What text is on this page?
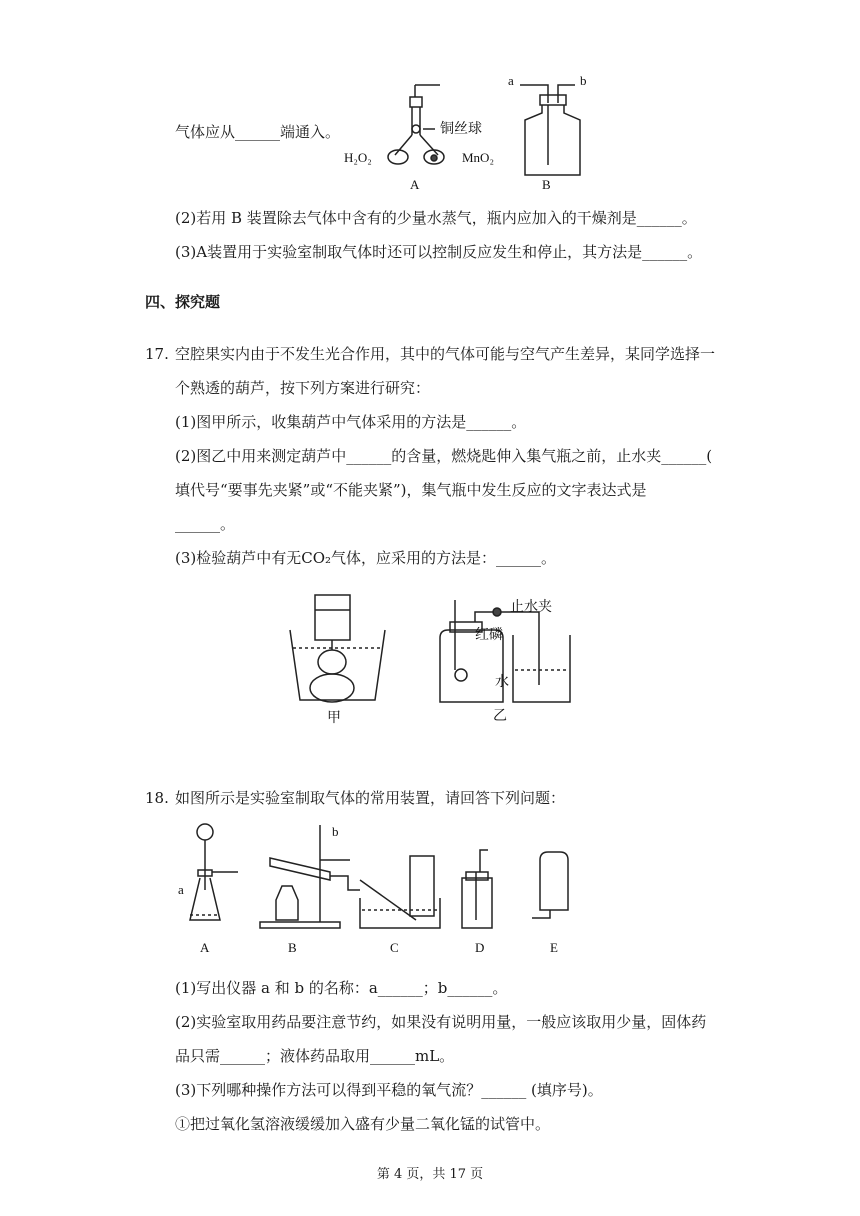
气体应从______端通入。	铜丝球
H₂O₂	MnO₂
A
a	b
B
(2)若用 B 装置除去气体中含有的少量水蒸气，瓶内应加入的干燥剂是______。
(3)A装置用于实验室制取气体时还可以控制反应发生和停止，其方法是______。
四、探究题
17. 空腔果实内由于不发生光合作用，其中的气体可能与空气产生差异，某同学选择一
个熟透的葫芦，按下列方案进行研究：
(1)图甲所示，收集葫芦中气体采用的方法是______。
(2)图乙中用来测定葫芦中______的含量，燃烧匙伸入集气瓶之前，止水夹______(
填代号“要事先夹紧”或“不能夹紧”)，集气瓶中发生反应的文字表达式是
______。
(3)检验葫芦中有无CO₂气体，应采用的方法是：______。
甲
止水夹
红磷
水
乙
18. 如图所示是实验室制取气体的常用装置，请回答下列问题：
a
b
A	B	C	D	E
(1)写出仪器 a 和 b 的名称：a______；b______。
(2)实验室取用药品要注意节约，如果没有说明用量，一般应该取用少量，固体药
品只需______；液体药品取用______mL。
(3)下列哪种操作方法可以得到平稳的氧气流？______ (填序号)。
①把过氧化氢溶液缓缓加入盛有少量二氧化锰的试管中。
第 4 页，共 17 页
